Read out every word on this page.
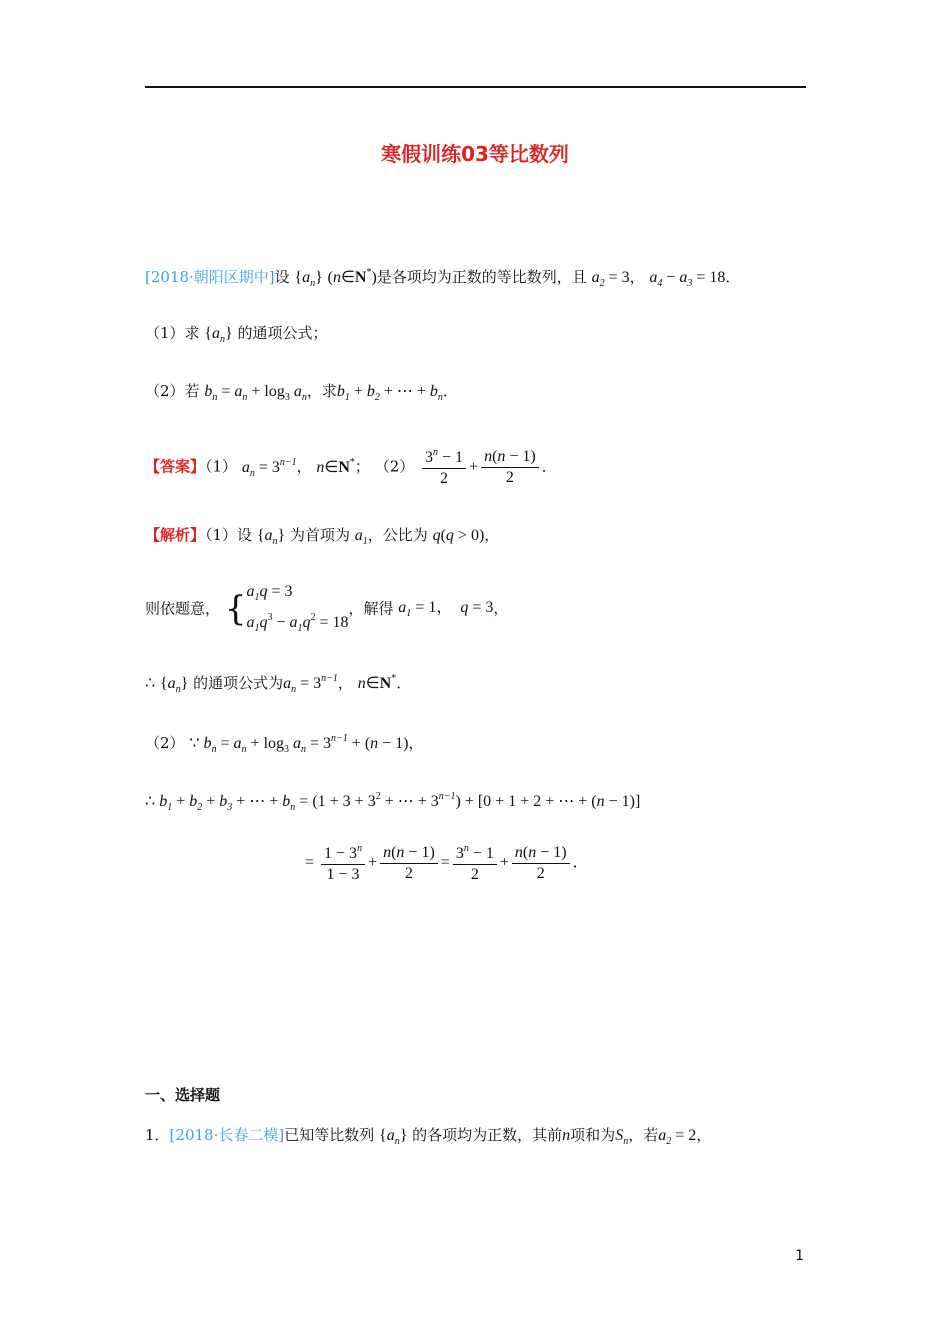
寒假训练03等比数列
[2018·朝阳区期中]设 $\{a_n\}$ (n∈N*)是各项均为正数的等比数列，且 $a_2 = 3$， $a_4 - a_3 = 18$．
（1）求 $\{a_n\}$ 的通项公式；
（2）若 $b_n = a_n + \log_3 a_n$，求$b_1 + b_2$ + ⋯ + $b_n$．
【答案】（1） $a_n = 3^{n-1}$， n∈N*； $(2) \frac{3^n - 1}{2} + \frac{n(n - 1)}{2}$ ．
【解析】（1）设 $\{a_n\}$ 为首项为 $a_1$，公比为 q(q > 0)，
则依题意， { $a_1q = 3$
$a_1q^3 - a_1q^2 = 18$
，解得 $a_1 = 1$，  q = 3，
∴ $\{a_n\}$ 的通项公式为$a_n = 3^{n-1}$， n∈N*．
（2） ∵ $b_n = a_n + \log_3 a_n = 3^{n-1} + (n - 1)$，
∴ $b_1 + b_2 + b_3$ + ⋯ + $b_n = (1 + 3 + 3^2$ + ⋯ + $3^{n-1}) + [0 + 1 + 2$ + ⋯ + (n − 1)]
= $\frac{1 - 3^n}{1 - 3} + \frac{n(n - 1)}{2} = \frac{3^n - 1}{2} + \frac{n(n - 1)}{2}$ ．
一、选择题
1．[2018·长春二模]已知等比数列 $\{a_n\}$ 的各项均为正数，其前n项和为$S_n$，若$a_2 = 2$，
1
